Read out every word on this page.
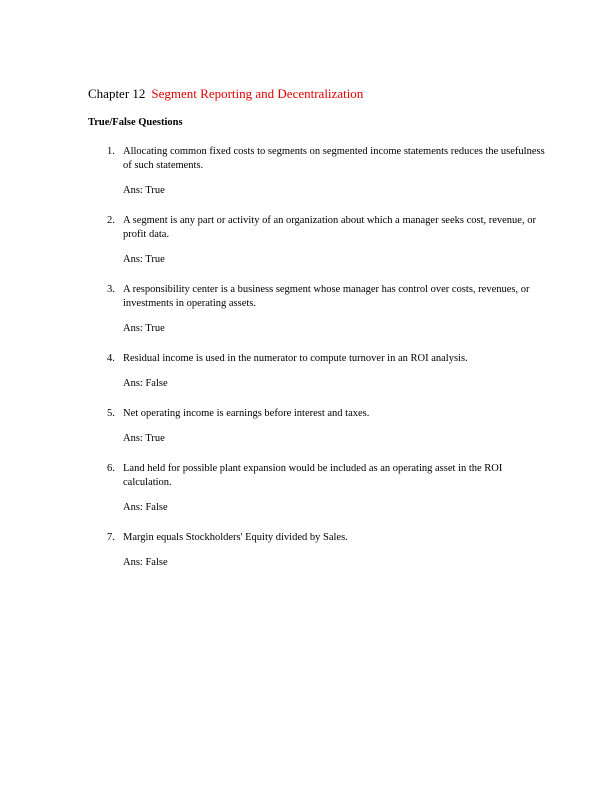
Chapter 12 Segment Reporting and Decentralization
True/False Questions
1. Allocating common fixed costs to segments on segmented income statements reduces the usefulness of such statements.
Ans: True
2. A segment is any part or activity of an organization about which a manager seeks cost, revenue, or profit data.
Ans: True
3. A responsibility center is a business segment whose manager has control over costs, revenues, or investments in operating assets.
Ans: True
4. Residual income is used in the numerator to compute turnover in an ROI analysis.
Ans: False
5. Net operating income is earnings before interest and taxes.
Ans: True
6. Land held for possible plant expansion would be included as an operating asset in the ROI calculation.
Ans: False
7. Margin equals Stockholders' Equity divided by Sales.
Ans: False
